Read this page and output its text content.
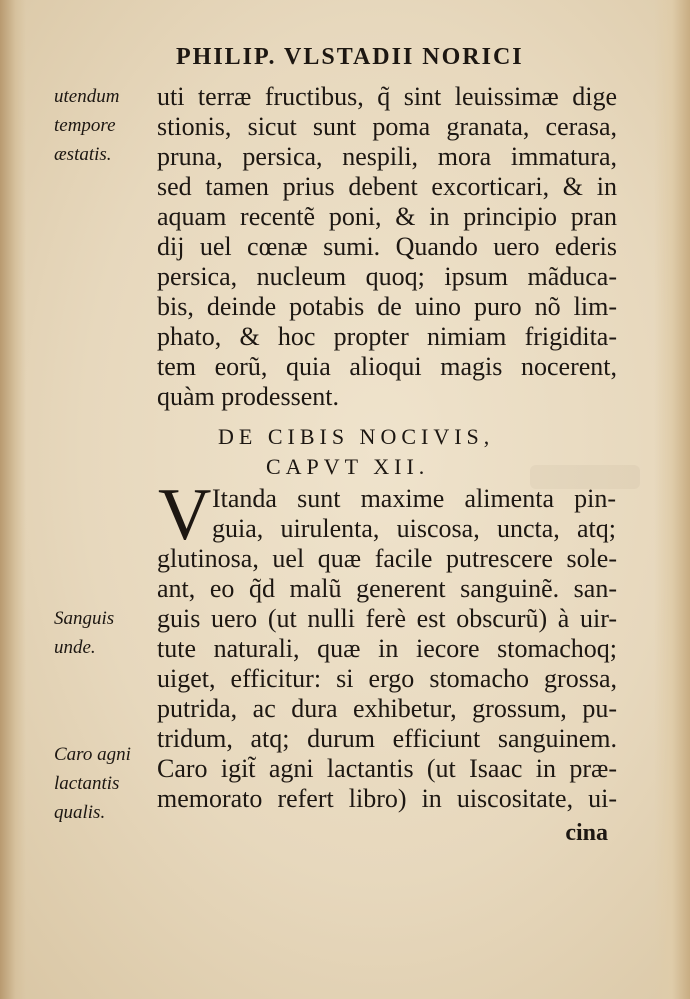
PHILIP. VLSTADII NORICI
utendum
tempore
æstatis.
Sanguis
unde.
Caro agni
lactantis
qualis.
uti terræ fructibus, q̃ sint leuissimæ dige
stionis, sicut sunt poma granata, cerasa,
pruna, persica, nespili, mora immatura,
sed tamen prius debent excorticari, & in
aquam recentẽ poni, & in principio pran
dij uel cœnæ sumi. Quando uero ederis
persica, nucleum quoq; ipsum mãduca-
bis, deinde potabis de uino puro nõ lim-
phato, & hoc propter nimiam frigidita-
tem eorũ, quia alioqui magis nocerent,
quàm prodessent.
DE CIBIS NOCIVIS,
CAPVT XII.
V Itanda sunt maxime alimenta pin-
guia, uirulenta, uiscosa, uncta, atq;
glutinosa, uel quæ facile putrescere sole-
ant, eo q̃d malũ generent sanguinẽ. san-
guis uero (ut nulli ferè est obscurũ) à uir-
tute naturali, quæ in iecore stomachoq;
uiget, efficitur: si ergo stomacho grossa,
putrida, ac dura exhibetur, grossum, pu-
tridum, atq; durum efficiunt sanguinem.
Caro igit̃ agni lactantis (ut Isaac in præ-
memorato refert libro) in uiscositate, ui-
cina
